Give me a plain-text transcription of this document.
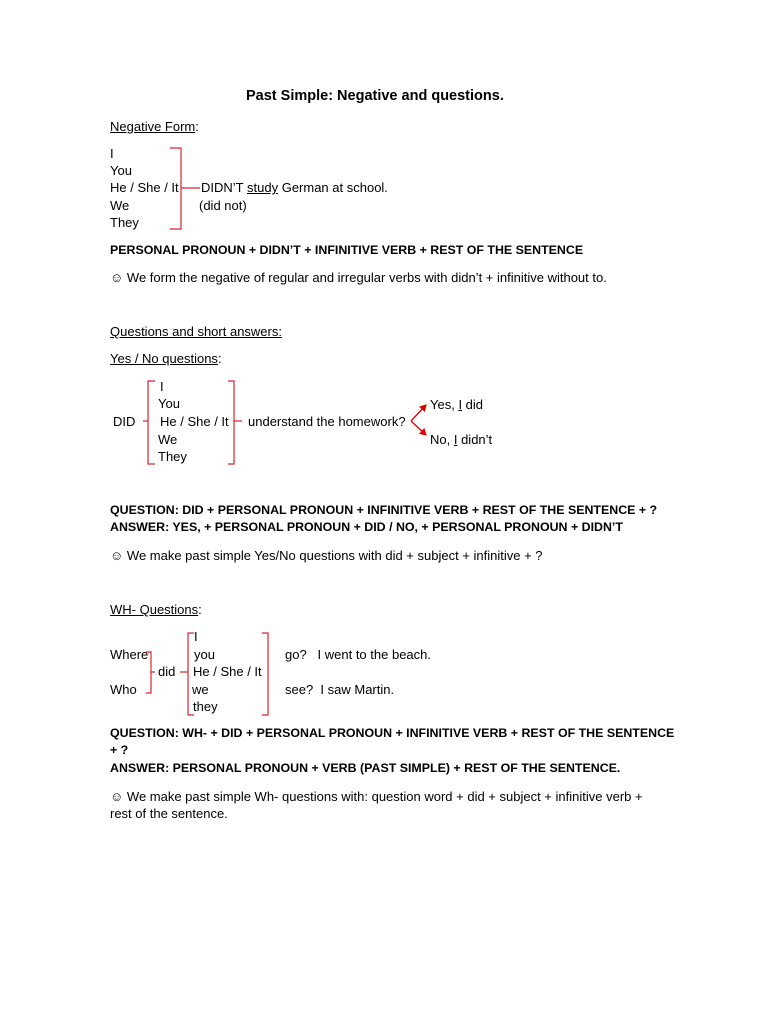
Past Simple: Negative and questions.
Negative Form:
I
You
He / She / It
We
They
DIDN’T study German at school.
(did not)
PERSONAL PRONOUN + DIDN’T + INFINITIVE VERB + REST OF THE SENTENCE
☺ We form the negative of regular and irregular verbs with didn’t + infinitive without to.
Questions and short answers:
Yes / No questions:
DID
I
You
He / She / It
We
They
understand the homework?
Yes, I did
No, I didn’t
QUESTION: DID + PERSONAL PRONOUN + INFINITIVE VERB + REST OF THE SENTENCE + ?
ANSWER: YES, + PERSONAL PRONOUN + DID / NO, + PERSONAL PRONOUN + DIDN’T
☺ We make past simple Yes/No questions with did + subject + infinitive + ?
WH- Questions:
Where
Who
did
I
you
He / She / It
we
they
go?   I went to the beach.
see?  I saw Martin.
QUESTION: WH- + DID + PERSONAL PRONOUN + INFINITIVE VERB + REST OF THE SENTENCE
+ ?
ANSWER: PERSONAL PRONOUN + VERB (PAST SIMPLE) + REST OF THE SENTENCE.
☺ We make past simple Wh- questions with: question word + did + subject + infinitive verb +
rest of the sentence.
